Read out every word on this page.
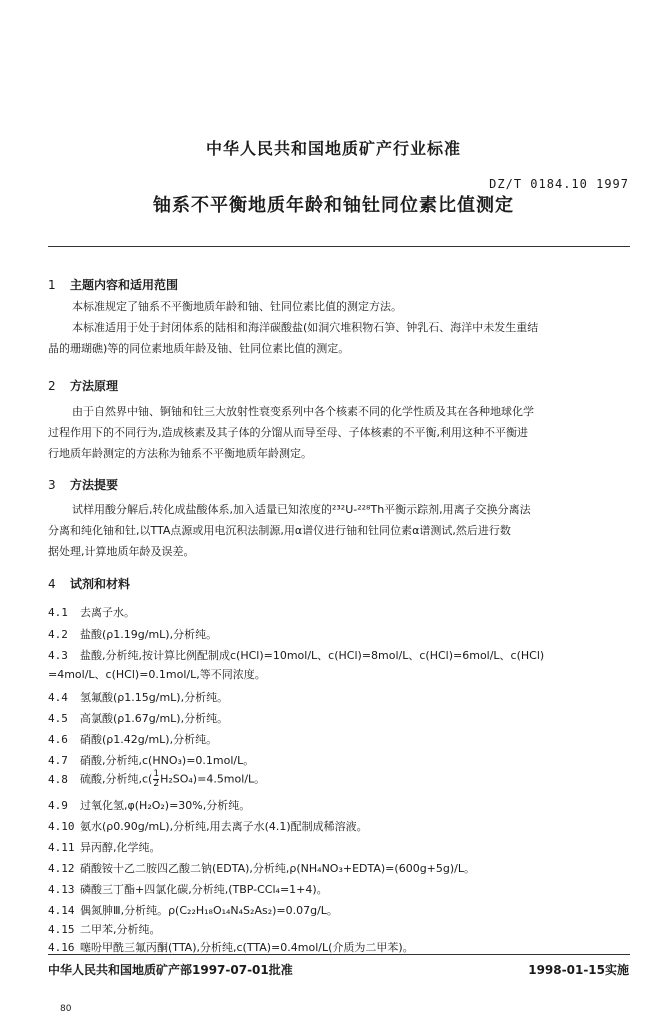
中华人民共和国地质矿产行业标准
DZ/T 0184.10 1997
铀系不平衡地质年龄和铀钍同位素比值测定
1 主题内容和适用范围
本标准规定了铀系不平衡地质年龄和铀、钍同位素比值的测定方法。
本标准适用于处于封闭体系的陆相和海洋碳酸盐(如洞穴堆积物石笋、钟乳石、海洋中未发生重结
晶的珊瑚礁)等的同位素地质年龄及铀、钍同位素比值的测定。
2 方法原理
由于自然界中铀、锕铀和钍三大放射性衰变系列中各个核素不同的化学性质及其在各种地球化学
过程作用下的不同行为,造成核素及其子体的分馏从而导至母、子体核素的不平衡,利用这种不平衡进
行地质年龄测定的方法称为铀系不平衡地质年龄测定。
3 方法提要
试样用酸分解后,转化成盐酸体系,加入适量已知浓度的²³²U-²²⁸Th平衡示踪剂,用离子交换分离法
分离和纯化铀和钍,以TTA点源或用电沉积法制源,用α谱仪进行铀和钍同位素α谱测试,然后进行数
据处理,计算地质年龄及误差。
4 试剂和材料
4.1 去离子水。
4.2 盐酸(ρ1.19g/mL),分析纯。
4.3 盐酸,分析纯,按计算比例配制成c(HCl)=10mol/L、c(HCl)=8mol/L、c(HCl)=6mol/L、c(HCl)
=4mol/L、c(HCl)=0.1mol/L,等不同浓度。
4.4 氢氟酸(ρ1.15g/mL),分析纯。
4.5 高氯酸(ρ1.67g/mL),分析纯。
4.6 硝酸(ρ1.42g/mL),分析纯。
4.7 硝酸,分析纯,c(HNO₃)=0.1mol/L。
4.8 硫酸,分析纯$,c( \frac{1}{2} H_2SO_4)=4.5mol/L$。
4.9 过氧化氢,φ(H₂O₂)=30%,分析纯。
4.10 氨水(ρ0.90g/mL),分析纯,用去离子水(4.1)配制成稀溶液。
4.11 异丙醇,化学纯。
4.12 硝酸铵十乙二胺四乙酸二钠(EDTA),分析纯,ρ(NH₄NO₃+EDTA)=(600g+5g)/L。
4.13 磷酸三丁酯+四氯化碳,分析纯,(TBP-CCl₄=1+4)。
4.14 偶氮胂Ⅲ,分析纯。ρ(C₂₂H₁₈O₁₄N₄S₂As₂)=0.07g/L。
4.15 二甲苯,分析纯。
4.16 噻吩甲酰三氟丙酮(TTA),分析纯,c(TTA)=0.4mol/L(介质为二甲苯)。
中华人民共和国地质矿产部1997-07-01批准	1998-01-15实施
80
